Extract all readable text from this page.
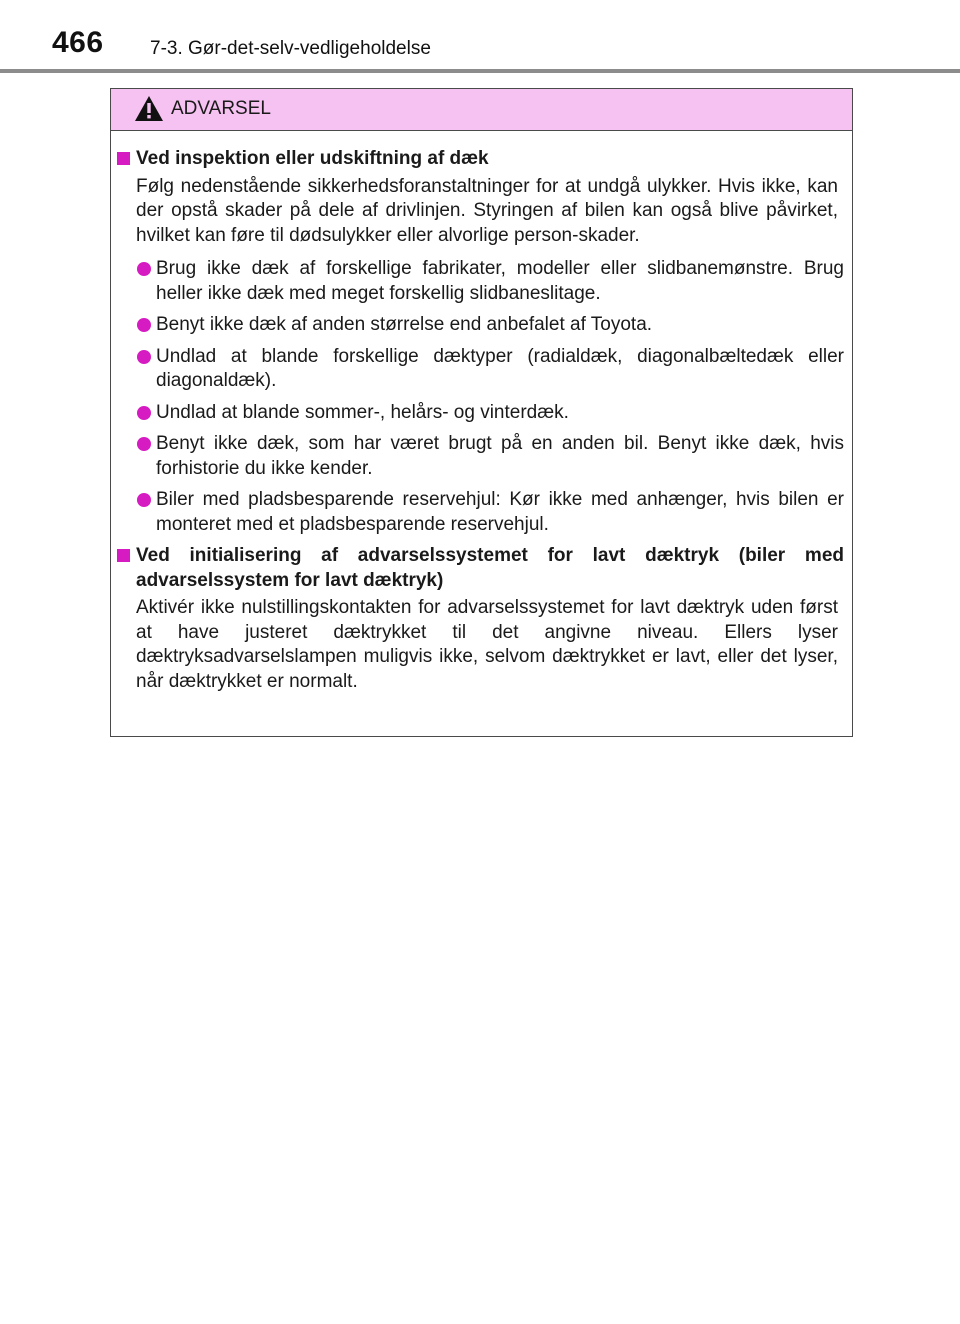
466 7-3. Gør-det-selv-vedligeholdelse
ADVARSEL
Ved inspektion eller udskiftning af dæk
Følg nedenstående sikkerhedsforanstaltninger for at undgå ulykker. Hvis ikke, kan der opstå skader på dele af drivlinjen. Styringen af bilen kan også blive påvirket, hvilket kan føre til dødsulykker eller alvorlige person-skader.
Brug ikke dæk af forskellige fabrikater, modeller eller slidbanemønstre. Brug heller ikke dæk med meget forskellig slidbaneslitage.
Benyt ikke dæk af anden størrelse end anbefalet af Toyota.
Undlad at blande forskellige dæktyper (radialdæk, diagonalbæltedæk eller diagonaldæk).
Undlad at blande sommer-, helårs- og vinterdæk.
Benyt ikke dæk, som har været brugt på en anden bil. Benyt ikke dæk, hvis forhistorie du ikke kender.
Biler med pladsbesparende reservehjul: Kør ikke med anhænger, hvis bilen er monteret med et pladsbesparende reservehjul.
Ved initialisering af advarselssystemet for lavt dæktryk (biler med advarselssystem for lavt dæktryk)
Aktivér ikke nulstillingskontakten for advarselssystemet for lavt dæktryk uden først at have justeret dæktrykket til det angivne niveau. Ellers lyser dæktryksadvarselslampen muligvis ikke, selvom dæktrykket er lavt, eller det lyser, når dæktrykket er normalt.
